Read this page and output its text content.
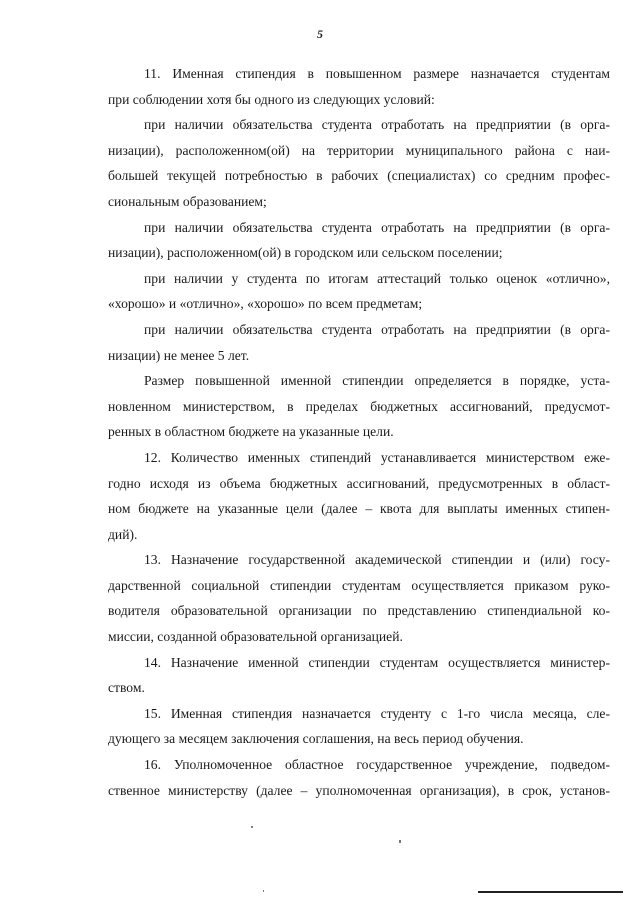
5

11. Именная стипендия в повышенном размере назначается студентам
при соблюдении хотя бы одного из следующих условий:

при наличии обязательства студента отработать на предприятии (в орга-
низации), расположенном(ой) на территории муниципального района с наи-
большей текущей потребностью в рабочих (специалистах) со средним профес-
сиональным образованием;

при наличии обязательства студента отработать на предприятии (в орга-
низации), расположенном(ой) в городском или сельском поселении;

при наличии у студента по итогам аттестаций только оценок «отлично»,
«хорошо» и «отлично», «хорошо» по всем предметам;

при наличии обязательства студента отработать на предприятии (в орга-
низации) не менее 5 лет.

Размер повышенной именной стипендии определяется в порядке, уста-
новленном министерством, в пределах бюджетных ассигнований, предусмот-
ренных в областном бюджете на указанные цели.

12. Количество именных стипендий устанавливается министерством еже-
годно исходя из объема бюджетных ассигнований, предусмотренных в област-
ном бюджете на указанные цели (далее – квота для выплаты именных стипен-
дий).

13. Назначение государственной академической стипендии и (или) госу-
дарственной социальной стипендии студентам осуществляется приказом руко-
водителя образовательной организации по представлению стипендиальной ко-
миссии, созданной образовательной организацией.

14. Назначение именной стипендии студентам осуществляется министер-
ством.

15. Именная стипендия назначается студенту с 1-го числа месяца, сле-
дующего за месяцем заключения соглашения, на весь период обучения.

16. Уполномоченное областное государственное учреждение, подведом-
ственное министерству (далее – уполномоченная организация), в срок, установ-
